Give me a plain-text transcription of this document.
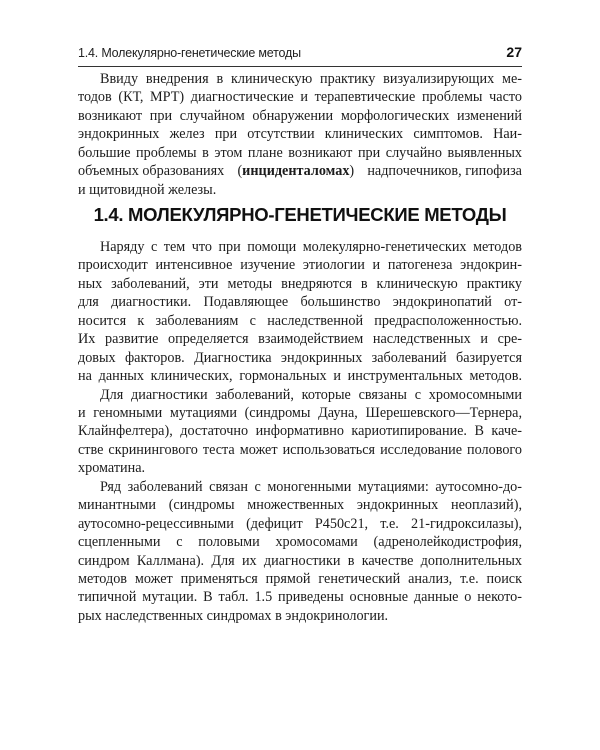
1.4. Молекулярно-генетические методы	27
Ввиду внедрения в клиническую практику визуализирующих ме-
тодов (КТ, МРТ) диагностические и терапевтические проблемы часто
возникают при случайном обнаружении морфологических изменений
эндокринных желез при отсутствии клинических симптомов. Наи-
большие проблемы в этом плане возникают при случайно выявленных
объемных образованиях (инциденталомах) надпочечников, гипофиза
и щитовидной железы.
1.4. МОЛЕКУЛЯРНО-ГЕНЕТИЧЕСКИЕ МЕТОДЫ
Наряду с тем что при помощи молекулярно-генетических методов
происходит интенсивное изучение этиологии и патогенеза эндокрин-
ных заболеваний, эти методы внедряются в клиническую практику
для диагностики. Подавляющее большинство эндокринопатий от-
носится к заболеваниям с наследственной предрасположенностью.
Их развитие определяется взаимодействием наследственных и сре-
довых факторов. Диагностика эндокринных заболеваний базируется
на данных клинических, гормональных и инструментальных методов.
Для диагностики заболеваний, которые связаны с хромосомными
и геномными мутациями (синдромы Дауна, Шерешевского—Тернера,
Клайнфелтера), достаточно информативно кариотипирование. В каче-
стве скринингового теста может использоваться исследование полового
хроматина.
Ряд заболеваний связан с моногенными мутациями: аутосомно-до-
минантными (синдромы множественных эндокринных неоплазий),
аутосомно-рецессивными (дефицит Р450с21, т.е. 21-гидроксилазы),
сцепленными с половыми хромосомами (адренолейкодистрофия,
синдром Каллмана). Для их диагностики в качестве дополнительных
методов может применяться прямой генетический анализ, т.е. поиск
типичной мутации. В табл. 1.5 приведены основные данные о некото-
рых наследственных синдромах в эндокринологии.
